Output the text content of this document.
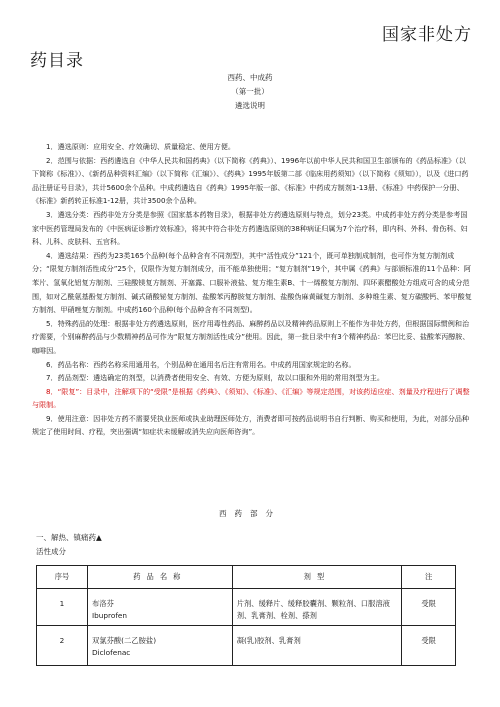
国家非处方
药目录
西药、中成药
（第一批）
遴选说明

1．遴选原则：应用安全、疗效确切、质量稳定、使用方便。

2．范围与依据：西药遴选自《中华人民共和国药典》（以下简称《药典》）、1996年以前中华人民共和国卫生部颁布的《药品标准》（以下简称《标准》）、《新药品种资料汇编》（以下简称《汇编》）、《药典》1995年版第二部《临床用药须知》（以下简称《须知》），以及《进口药品注册证号目录》，共计5600余个品种。中成药遴选自《药典》1995年版一部、《标准》中药成方制剂1-13册、《标准》中药保护一分册、《标准》新药转正标准1-12册，共计3500余个品种。

3．遴选分类：西药非处方分类是参照《国家基本药物目录》，根据非处方药遴选原则与特点，划分23类。中成药非处方药分类是参考国家中医药管理局发布的《中医病证诊断疗效标准》，将其中符合非处方药遴选原则的38种病证归属为7个治疗科，即内科、外科、骨伤科、妇科、儿科、皮肤科、五官科。

4．遴选结果：西药为23类165个品种(每个品种含有不同剂型)，其中“活性成分”121个，既可单独制成制剂，也可作为复方制剂成分；“限复方制剂活性成分”25个，仅限作为复方制剂成分，而不能单独使用；“复方制剂”19个，其中属《药典》与部颁标准的11个品种：阿苯片、氢氧化铝复方制剂、三硅酸镁复方制剂、开塞露、口服补液盐、复方维生素B、十一烯酸复方制剂、四环素醋酸处方组成可含的成分范围，如对乙酰氨基酚复方制剂、碱式硝酸铋复方制剂、盐酸苯丙醇胺复方制剂、盐酸伪麻黄碱复方制剂、多种维生素、复方碳酸钙、苯甲酸复方制剂、甲硝唑复方制剂。中成药160个品种(每个品种含有不同剂型)。

5．特殊药品的处理：根据非处方药遴选原则，医疗用毒性药品、麻醉药品以及精神药品原则上不能作为非处方药，但根据国际惯例和治疗需要，个别麻醉药品与少数精神药品可作为“限复方制剂活性成分”使用。因此，第一批目录中有3个精神药品：苯巴比妥、盐酸苯丙醇胺、咖啡因。

6．药品名称：西药名称采用通用名，个别品种在通用名后注有常用名。中成药用国家规定的名称。

7．药品剂型：遴选确定的剂型，以消费者使用安全、有效、方便为原则，故以口服和外用的常用剂型为主。

8．“限复”：目录中，注解项下的“受限”是根据《药典》、《须知》、《标准》、《汇编》等规定范围，对该药适应症、剂量及疗程进行了调整与限制。

9．使用注意：因非处方药不需要凭执业医师或执业助理医师处方，消费者即可按药品说明书自行判断、购买和使用，为此，对部分品种规定了使用时间、疗程，突出强调“如症状未缓解或消失应向医师咨询”。

西药部分
一、解热、镇痛药▲
活性成分
序号	药品名称	剂型	注

1	布洛芬
Ibuprofen	片剂、缓释片、缓释胶囊剂、颗粒剂、口服溶液剂、乳膏剂、栓剂、搽剂	受限

2	双氯芬酸(二乙胺盐)
Diclofenac	凝(乳)胶剂、乳膏剂	受限
